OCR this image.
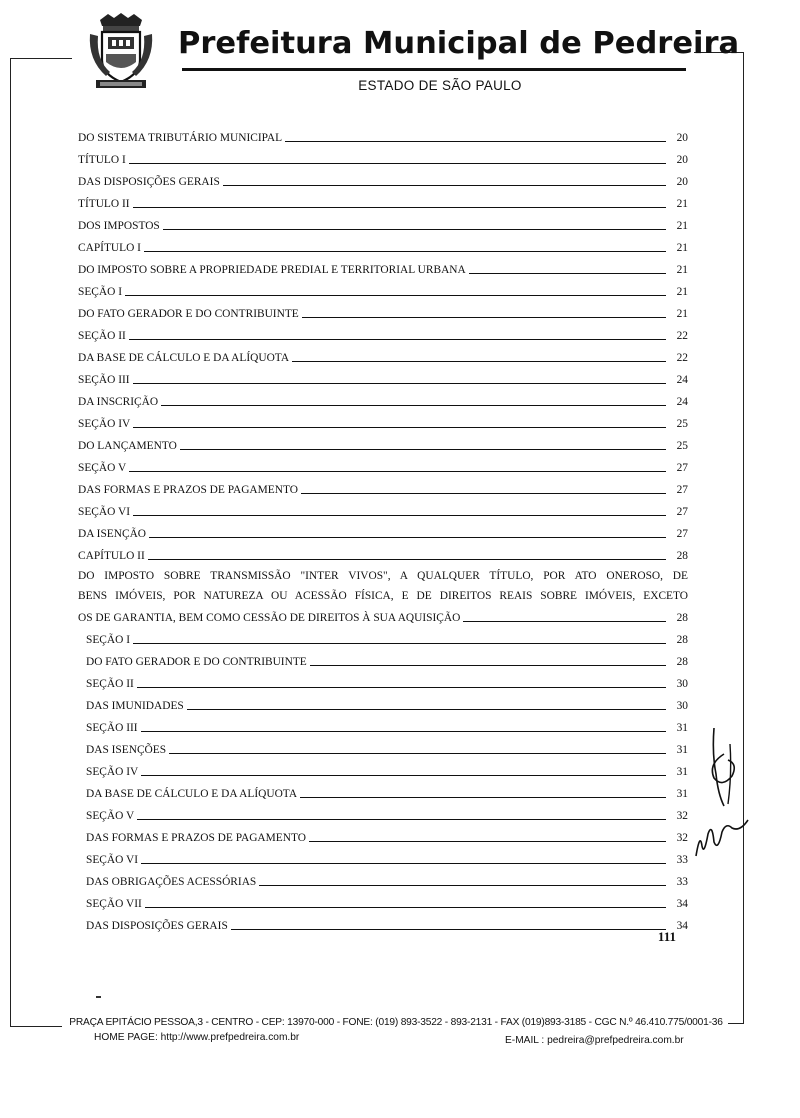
Prefeitura Municipal de Pedreira
ESTADO DE SÃO PAULO
DO SISTEMA TRIBUTÁRIO MUNICIPAL	20
TÍTULO I	20
DAS DISPOSIÇÕES GERAIS	20
TÍTULO II	21
DOS IMPOSTOS	21
CAPÍTULO I	21
DO IMPOSTO SOBRE A PROPRIEDADE PREDIAL E TERRITORIAL URBANA	21
SEÇÃO I	21
DO FATO GERADOR E DO CONTRIBUINTE	21
SEÇÃO II	22
DA BASE DE CÁLCULO E DA ALÍQUOTA	22
SEÇÃO III	24
DA INSCRIÇÃO	24
SEÇÃO IV	25
DO LANÇAMENTO	25
SEÇÃO V	27
DAS FORMAS E PRAZOS DE PAGAMENTO	27
SEÇÃO VI	27
DA ISENÇÃO	27
CAPÍTULO II	28
DO IMPOSTO SOBRE TRANSMISSÃO "INTER VIVOS", A QUALQUER TÍTULO, POR ATO ONEROSO, DE
BENS IMÓVEIS, POR NATUREZA OU ACESSÃO FÍSICA, E DE DIREITOS REAIS SOBRE IMÓVEIS, EXCETO
OS DE GARANTIA, BEM COMO CESSÃO DE DIREITOS À SUA AQUISIÇÃO	28
SEÇÃO I	28
DO FATO GERADOR E DO CONTRIBUINTE	28
SEÇÃO II	30
DAS IMUNIDADES	30
SEÇÃO III	31
DAS ISENÇÕES	31
SEÇÃO IV	31
DA BASE DE CÁLCULO E DA ALÍQUOTA	31
SEÇÃO V	32
DAS FORMAS E PRAZOS DE PAGAMENTO	32
SEÇÃO VI	33
DAS OBRIGAÇÕES ACESSÓRIAS	33
SEÇÃO VII	34
DAS DISPOSIÇÕES GERAIS	34
111
PRAÇA EPITÁCIO PESSOA,3 - CENTRO - CEP: 13970-000 - FONE: (019) 893-3522 - 893-2131 - FAX (019)893-3185 - CGC N.º 46.410.775/0001-36
HOME PAGE: http://www.prefpedreira.com.br	E-MAIL : pedreira@prefpedreira.com.br
